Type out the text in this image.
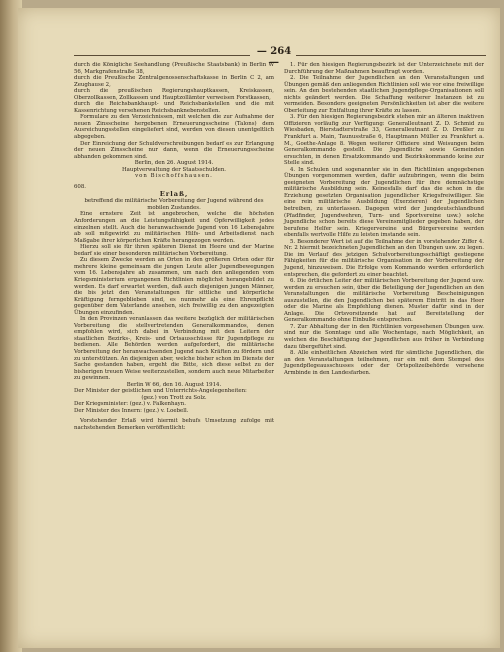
— 264 —

durch die Königliche Seehandlung (Preußische Staatsbank) in Berlin W 56, Markgrafenstraße 38,

durch die Preußische Zentralgenossenschaftskasse in Berlin C 2, am Zeughause 2,

durch die preußischen Regierungshauptkassen, Kreiskassen, Oberzollkassen, Zollkassen und Hauptzollämter verweisen Forstkassen,

durch die Reichsbankhaupt- und Reichsbankstellen und die mit Kassenrichtung versehenen Reichsbanknebenstellen.

Formulare zu den Verzeichnissen, mit welchen die zur Aufnahme der neuen Zinsscheine hergebenen Erneuerungsscheine (Talons) dem Ausreichungsstellen eingeliefert sind, werden von diesen unentgeltlich abgegeben.

Der Einreichung der Schuldverschreibungen bedarf es zur Erlangung der neuen Zinsscheine nur dann, wenn die Erneuerungsscheine abhanden gekommen sind.

Berlin, den 26. August 1914.

Hauptverwaltung der Staatsschulden.

von Bischoffshausen.

608.

Erlaß,

betreffend die militärische Vorbereitung der Jugend während des mobilen Zustandes.

Eine ernstere Zeit ist angebrochen, welche die höchsten Anforderungen an die Leistungsfähigkeit und Opferwilligkeit jedes einzelnen stellt. Auch die heranwachsende Jugend von 16 Lebensjahre ab soll mitgewirkt zu militärischen Hilfs- und Arbeitsdienst nach Maßgabe ihrer körperlichen Kräfte herangezogen werden.

Hierzu soll sie für ihren späteren Dienst im Heere und der Marine bedarf sie einer besonderen militärischen Vorbereitung.

Zu diesem Zwecke werden an Orten in den größeren Orten oder für mehrere kleine gemeinsam die jungen Leute aller Jugendbewegungen vom 16. Lebensjahre ab zusammen, um nach den anliegenden vom Kriegsministerium ergangenen Richtlinien möglichst herangebildet zu werden. Es darf erwartet werden, daß auch diejenigen jungen Männer, die bis jetzt den Veranstaltungen für sittliche und körperliche Kräftigung ferngeblieben sind, es nunmehr als eine Ehrenpflicht gegenüber dem Vaterlande ansehen, sich freiwillig zu den angezeigten Übungen einzufinden.

In den Provinzen veranlassen das weitere bezüglich der militärischen Vorbereitung die stellvertretenden Generalkommandos, denen empfohlen wird, sich dabei in Verbindung mit den Leitern der staatlichen Bezirks-, Kreis- und Ortsausschüsse für Jugendpflege zu bedienen. Alle Behörden werden aufgefordert, die militärische Vorbereitung der heranwachsenden Jugend nach Kräften zu fördern und zu unterstützen. An diejenigen aber, welche bisher schon im Dienste der Sache gestanden haben, ergeht die Bitte, sich diese selbst zu der bisherigen treuen Weise weiterzustellen, sondern auch neue Mitarbeiter zu gewinnen.

Berlin W 66, den 16. August 1914.

Der Minister der geistlichen und Unterrichts-Angelegenheiten:

(gez.) von Trott zu Solz.

Der Kriegsminister: (gez.) v. Falkenhayn.

Der Minister des Innern: (gez.) v. Loebell.

Vorstehender Erlaß wird hiermit behufs Umsetzung zufolge mit nachstehenden Bemerken veröffentlicht:

1. Für den hiesigen Regierungsbezirk ist der Unterzeichnete mit der Durchführung der Maßnahmen beauftragt worden.

2. Die Teilnahme der Jugendlichen an den Veranstaltungen und Übungen gemäß den anliegenden Richtlinien soll wie vor eine freiwillige sein. An den bestehenden staatlichen Jugendpflege-Organisationen soll nichts geändert werden. Die Schaffung weiterer Instanzen ist zu vermeiden. Besonders geeigneten Persönlichkeiten ist aber die weitere Oberleitung zur Entfaltung ihrer Kräfte zu lassen.

3. Für den hiesigen Regierungsbezirk stehen mir an älteren inaktiven Offizieren vorläufig zur Verfügung: Generalleutnant Z. D. Schmid zu Wiesbaden, Bierstadterstraße 33, Generalleutnant Z. D. Dreßler zu Frankfurt a. Main, Taunusstraße 6, Hauptmann Müller zu Frankfurt a. M., Goethe-Anlage 8. Wegen weiterer Offiziere sind Weisungen beim Generalkommando gestellt. Die Jugendliche sowie Gemeinden ersuchten, in denen Ersatzkommando und Bezirkskommando keine zur Stelle sind.

4. In Schulen und sogenannter sie in den Richtlinien angegebenen Übungen vorgenommen werden, dafür aufzubringen, wenn die beim geeigneten Vorbereitung der Jugendlichen für ihre demnächstige militärische Ausbildung sein. Keinesfalls darf das die schon in die Erziehung gesetzten Organisation jugendlicher Kriegsfreiwilliger. Sie eine rein militärische Ausbildung (Exerzieren) der Jugendlichen betreiben, zu unterlassen. Dagegen wird der Jungdeutschlandbund (Pfadfinder, Jugendwehren, Turn- und Sportvereine usw.) solche Jugendliche schon bereits diese Vereinsmitglieder gegeben haben, der berufene Helfer sein. Kriegervereine und Bürgervereine werden ebenfalls wertvolle Hilfe zu leisten imstande sein.

5. Besonderer Wert ist auf die Teilnahme der in vorstehender Ziffer 4. Nr. 2 hiermit bezeichneten Jugendlichen an den Übungen usw. zu legen. Die im Verlauf des jetzigen Schulvorbereitungsschäftigt gestiegene Fähigkeiten für die militärische Organisation in der Vorbereitung der Jugend, hinzuweisen. Die Erfolge vom Kommando werden erforderlich entsprechen, die gefordert zu einer beachtet.

6. Die örtlichen Leiter der militärischen Vorbereitung der Jugend usw. werden zu ersuchen sein, über die Beteiligung der Jugendlichen an den Veranstaltungen die militärische Vorbereitung Bescheinigungen auszustellen, die den Jugendlichen bei späterem Eintritt in das Heer oder die Marine als Empfehlung dienen. Muster dafür sind in der Anlage. Die Ortsvorsitzende hat auf Bereitstellung der Generalkommando ohne Einbuße entsprechen.

7. Zur Abhaltung der in den Richtlinien vorgesehenen Übungen usw. sind nur die Sonntage und alle Wochentage, nach Möglichkeit, an welchen die Beschäftigung der Jugendlichen aus früher in Verbindung dazu übergeführt sind.

8. Alle einheitlichen Abzeichen wird für sämtliche Jugendlichen, die an den Veranstaltungen teilnehmen, nur ein mit dem Stempel des Jugendpflegeausschusses oder der Ortspolizeibehörde versehene Armbinde in den Landesfarben.
